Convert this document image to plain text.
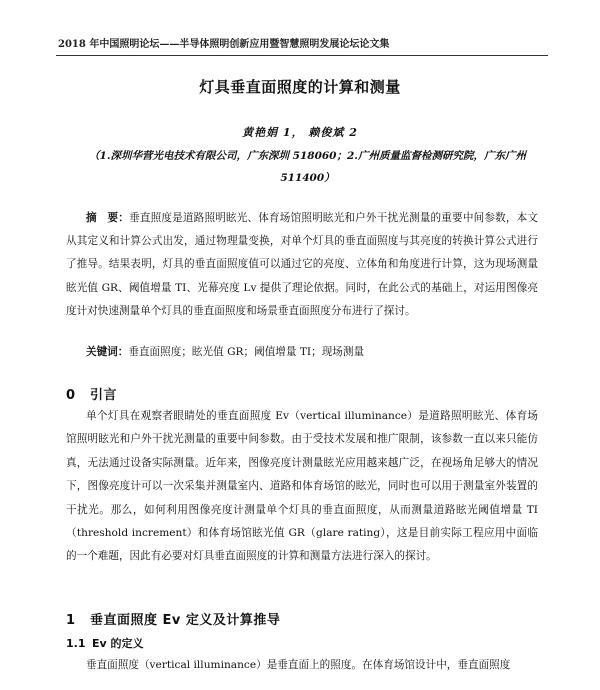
2018 年中国照明论坛——半导体照明创新应用暨智慧照明发展论坛论文集
灯具垂直面照度的计算和测量
黄艳娟 1， 赖俊斌 2
（1.深圳华营光电技术有限公司，广东深圳 518060；2.广州质量监督检测研究院，广东广州 511400）
摘　要：垂直照度是道路照明眩光、体育场馆照明眩光和户外干扰光测量的重要中间参数，本文从其定义和计算公式出发，通过物理量变换，对单个灯具的垂直面照度与其亮度的转换计算公式进行了推导。结果表明，灯具的垂直面照度值可以通过它的亮度、立体角和角度进行计算，这为现场测量眩光值 GR、阈值增量 TI、光幕亮度 Lv 提供了理论依据。同时，在此公式的基础上，对运用图像亮度计对快速测量单个灯具的垂直面照度和场景垂直面照度分布进行了探讨。
关键词：垂直面照度；眩光值 GR；阈值增量 TI；现场测量
0 引言
单个灯具在观察者眼睛处的垂直面照度 Ev（vertical illuminance）是道路照明眩光、体育场馆照明眩光和户外干扰光测量的重要中间参数。由于受技术发展和推广限制，该参数一直以来只能仿真，无法通过设备实际测量。近年来，图像亮度计测量眩光应用越来越广泛，在视场角足够大的情况下，图像亮度计可以一次采集并测量室内、道路和体育场馆的眩光，同时也可以用于测量室外装置的干扰光。那么，如何利用图像亮度计测量单个灯具的垂直面照度，从而测量道路眩光阈值增量 TI（threshold increment）和体育场馆眩光值 GR（glare rating），这是目前实际工程应用中面临的一个难题，因此有必要对灯具垂直面照度的计算和测量方法进行深入的探讨。
1 垂直面照度 Ev 定义及计算推导
1.1 Ev 的定义
垂直面照度（vertical illuminance）是垂直面上的照度。在体育场馆设计中，垂直面照度
